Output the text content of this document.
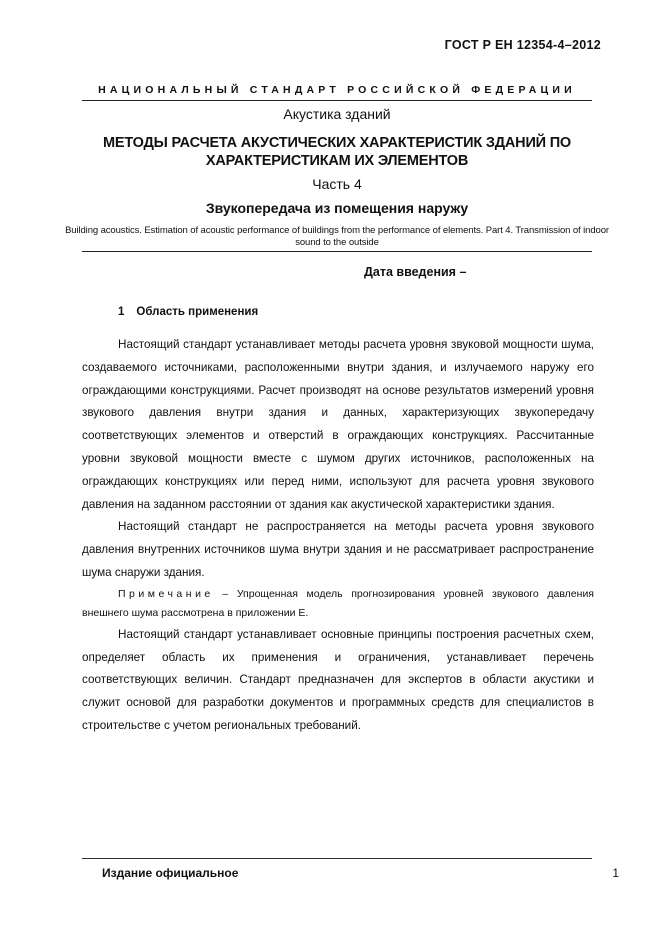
ГОСТ Р ЕН 12354-4–2012
НАЦИОНАЛЬНЫЙ СТАНДАРТ РОССИЙСКОЙ ФЕДЕРАЦИИ
Акустика зданий
МЕТОДЫ РАСЧЕТА АКУСТИЧЕСКИХ ХАРАКТЕРИСТИК ЗДАНИЙ ПО ХАРАКТЕРИСТИКАМ ИХ ЭЛЕМЕНТОВ
Часть 4
Звукопередача из помещения наружу
Building acoustics. Estimation of acoustic performance of buildings from the performance of elements. Part 4. Transmission of indoor sound to the outside
Дата введения –
1 Область применения

Настоящий стандарт устанавливает методы расчета уровня звуковой мощности шума, создаваемого источниками, расположенными внутри здания, и излучаемого наружу его ограждающими конструкциями. Расчет производят на основе результатов измерений уровня звукового давления внутри здания и данных, характеризующих звукопередачу соответствующих элементов и отверстий в ограждающих конструкциях. Рассчитанные уровни звуковой мощности вместе с шумом других источников, расположенных на ограждающих конструкциях или перед ними, используют для расчета уровня звукового давления на заданном расстоянии от здания как акустической характеристики здания.

Настоящий стандарт не распространяется на методы расчета уровня звукового давления внутренних источников шума внутри здания и не рассматривает распространение шума снаружи здания.

Примечание – Упрощенная модель прогнозирования уровней звукового давления внешнего шума рассмотрена в приложении Е.

Настоящий стандарт устанавливает основные принципы построения расчетных схем, определяет область их применения и ограничения, устанавливает перечень соответствующих величин. Стандарт предназначен для экспертов в области акустики и служит основой для разработки документов и программных средств для специалистов в строительстве с учетом региональных требований.

Издание официальное	1
